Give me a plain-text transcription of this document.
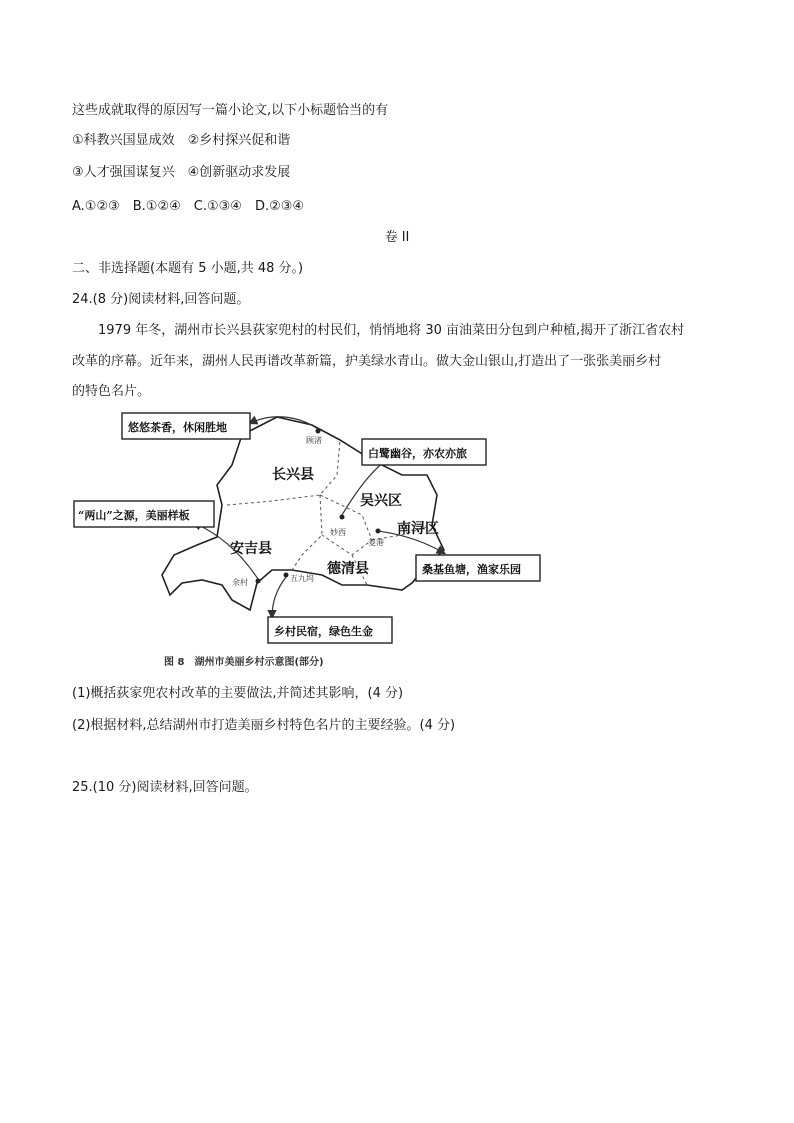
这些成就取得的原因写一篇小论文,以下小标题恰当的有
①科教兴国显成效　②乡村探兴促和谐
③人才强国谋复兴　④创新驱动求发展
A.①②③　B.①②④　C.①③④　D.②③④
卷 II
二、非选择题(本题有 5 小题,共 48 分。)
24.(8 分)阅读材料,回答问题。
1979 年冬，湖州市长兴县荻家兜村的村民们，悄悄地将 30 亩油菜田分包到户种植,揭开了浙江省农村
改革的序幕。近年来，湖州人民再谱改革新篇，护美绿水青山。做大金山银山,打造出了一张张美丽乡村
的特色名片。
长兴县
吴兴区
南浔区
安吉县
德清县
顾渚
妙西
菱港
余村	五九坞
悠悠茶香，休闲胜地
白鹭幽谷，亦农亦旅
“两山”之源，美丽样板
桑基鱼塘，渔家乐园
乡村民宿，绿色生金
图 8　湖州市美丽乡村示意图(部分)
(1)概括荻家兜农村改革的主要做法,并简述其影响，(4 分)
(2)根据材料,总结湖州市打造美丽乡村特色名片的主要经验。(4 分)
25.(10 分)阅读材料,回答问题。
